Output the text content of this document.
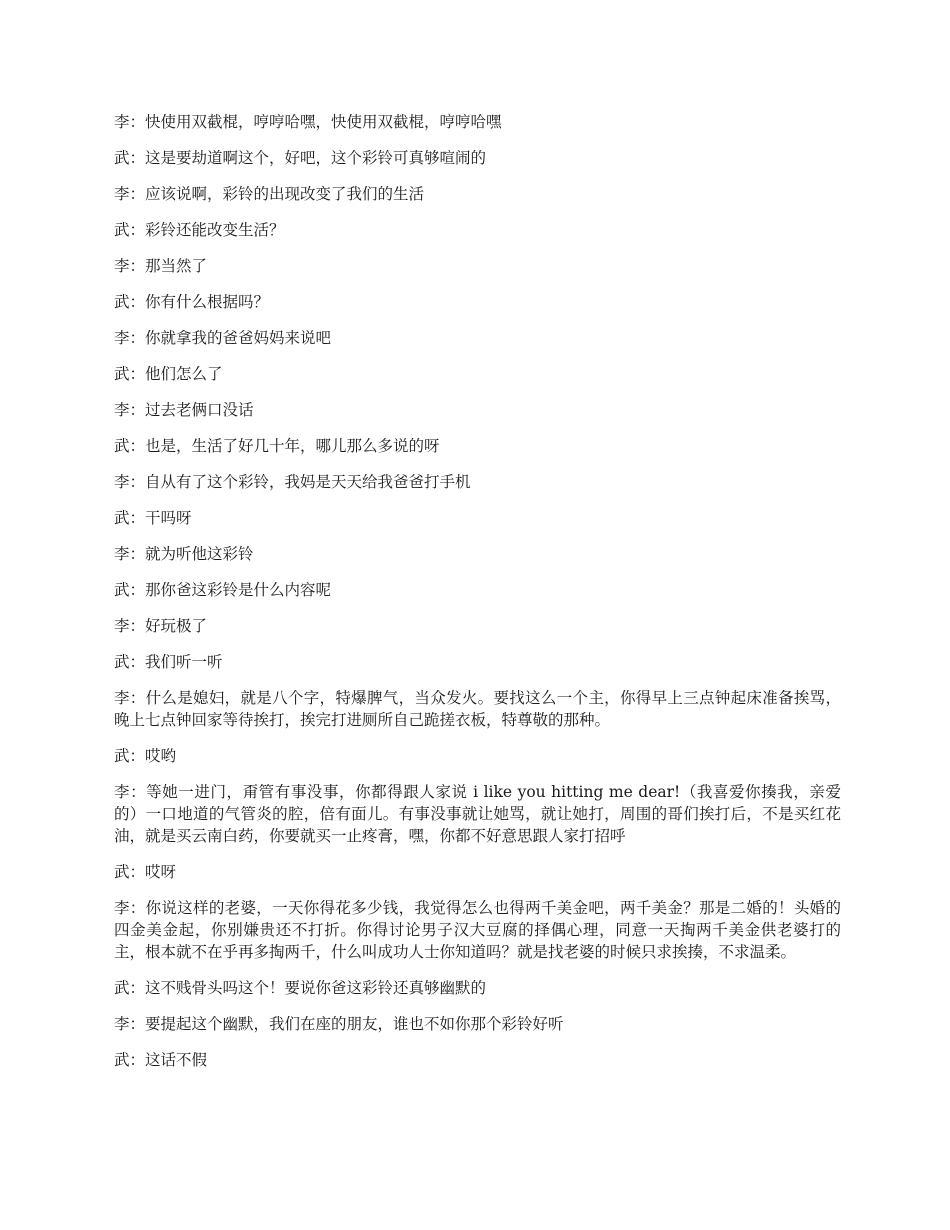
李：快使用双截棍，哼哼哈嘿，快使用双截棍，哼哼哈嘿

武：这是要劫道啊这个，好吧，这个彩铃可真够喧闹的

李：应该说啊，彩铃的出现改变了我们的生活

武：彩铃还能改变生活？

李：那当然了

武：你有什么根据吗？

李：你就拿我的爸爸妈妈来说吧

武：他们怎么了

李：过去老俩口没话

武：也是，生活了好几十年，哪儿那么多说的呀

李：自从有了这个彩铃，我妈是天天给我爸爸打手机

武：干吗呀

李：就为听他这彩铃

武：那你爸这彩铃是什么内容呢

李：好玩极了

武：我们听一听

李：什么是媳妇，就是八个字，特爆脾气，当众发火。要找这么一个主，你得早上三点钟起床准备挨骂，晚上七点钟回家等待挨打，挨完打进厕所自己跪搓衣板，特尊敬的那种。

武：哎哟

李：等她一进门，甭管有事没事，你都得跟人家说 i like you hitting me dear!（我喜爱你揍我，亲爱的）一口地道的气管炎的腔，倍有面儿。有事没事就让她骂，就让她打，周围的哥们挨打后，不是买红花油，就是买云南白药，你要就买一止疼膏，嘿，你都不好意思跟人家打招呼

武：哎呀

李：你说这样的老婆，一天你得花多少钱，我觉得怎么也得两千美金吧，两千美金？那是二婚的！头婚的四金美金起，你别嫌贵还不打折。你得讨论男子汉大豆腐的择偶心理，同意一天掏两千美金供老婆打的主，根本就不在乎再多掏两千，什么叫成功人士你知道吗？就是找老婆的时候只求挨揍，不求温柔。

武：这不贱骨头吗这个！要说你爸这彩铃还真够幽默的

李：要提起这个幽默，我们在座的朋友，谁也不如你那个彩铃好听

武：这话不假
